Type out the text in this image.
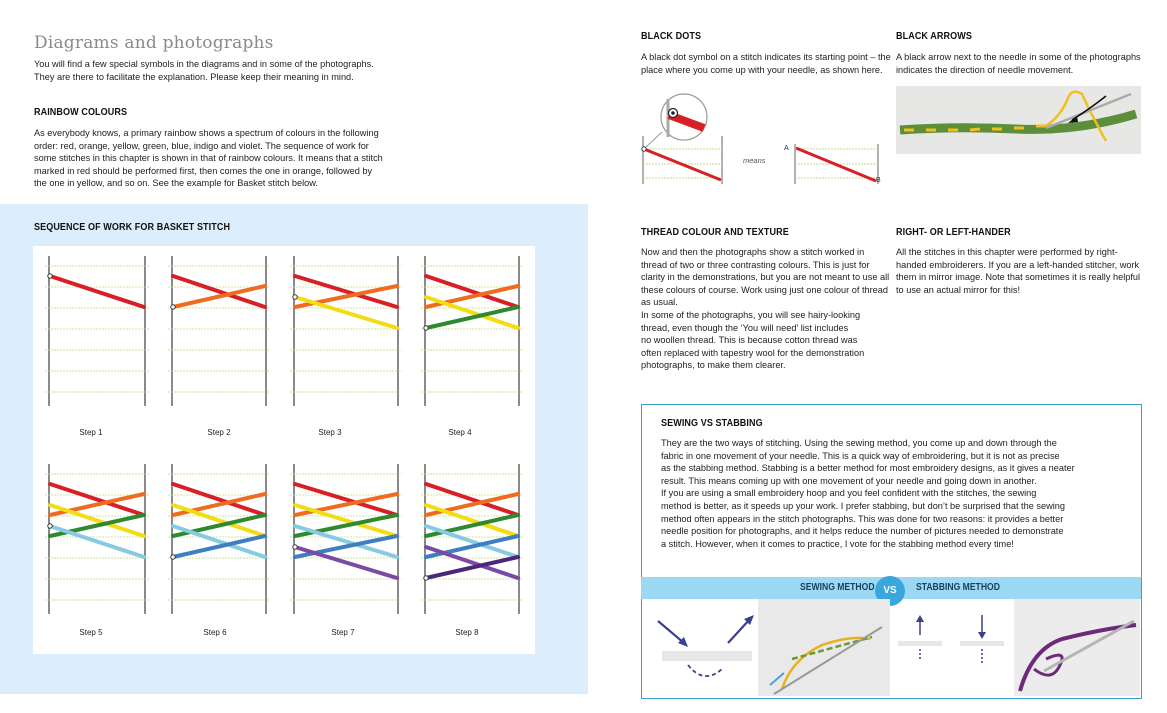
Diagrams and photographs
You will find a few special symbols in the diagrams and in some of the photographs.
They are there to facilitate the explanation. Please keep their meaning in mind.
RAINBOW COLOURS
As everybody knows, a primary rainbow shows a spectrum of colours in the following
order: red, orange, yellow, green, blue, indigo and violet. The sequence of work for
some stitches in this chapter is shown in that of rainbow colours. It means that a stitch
marked in red should be performed first, then comes the one in orange, followed by
the one in yellow, and so on. See the example for Basket stitch below.
SEQUENCE OF WORK FOR BASKET STITCH
Step 1	Step 2	Step 3	Step 4
Step 5	Step 6	Step 7	Step 8
BLACK DOTS
A black dot symbol on a stitch indicates its starting point – the
place where you come up with your needle, as shown here.
means
A
B
BLACK ARROWS
A black arrow next to the needle in some of the photographs
indicates the direction of needle movement.
THREAD COLOUR AND TEXTURE
Now and then the photographs show a stitch worked in
thread of two or three contrasting colours. This is just for
clarity in the demonstrations, but you are not meant to use all
these colours of course. Work using just one colour of thread
as usual.
In some of the photographs, you will see hairy-looking
thread, even though the ‘You will need’ list includes
no woollen thread. This is because cotton thread was
often replaced with tapestry wool for the demonstration
photographs, to make them clearer.
RIGHT- OR LEFT-HANDER
All the stitches in this chapter were performed by right-
handed embroiderers. If you are a left-handed stitcher, work
them in mirror image. Note that sometimes it is really helpful
to use an actual mirror for this!
SEWING VS STABBING
They are the two ways of stitching. Using the sewing method, you come up and down through the
fabric in one movement of your needle. This is a quick way of embroidering, but it is not as precise
as the stabbing method. Stabbing is a better method for most embroidery designs, as it gives a neater
result. This means coming up with one movement of your needle and going down in another.
If you are using a small embroidery hoop and you feel confident with the stitches, the sewing
method is better, as it speeds up your work. I prefer stabbing, but don’t be surprised that the sewing
method often appears in the stitch photographs. This was done for two reasons: it provides a better
needle position for photographs, and it helps reduce the number of pictures needed to demonstrate
a stitch. However, when it comes to practice, I vote for the stabbing method every time!
SEWING METHOD VS	STABBING METHOD
